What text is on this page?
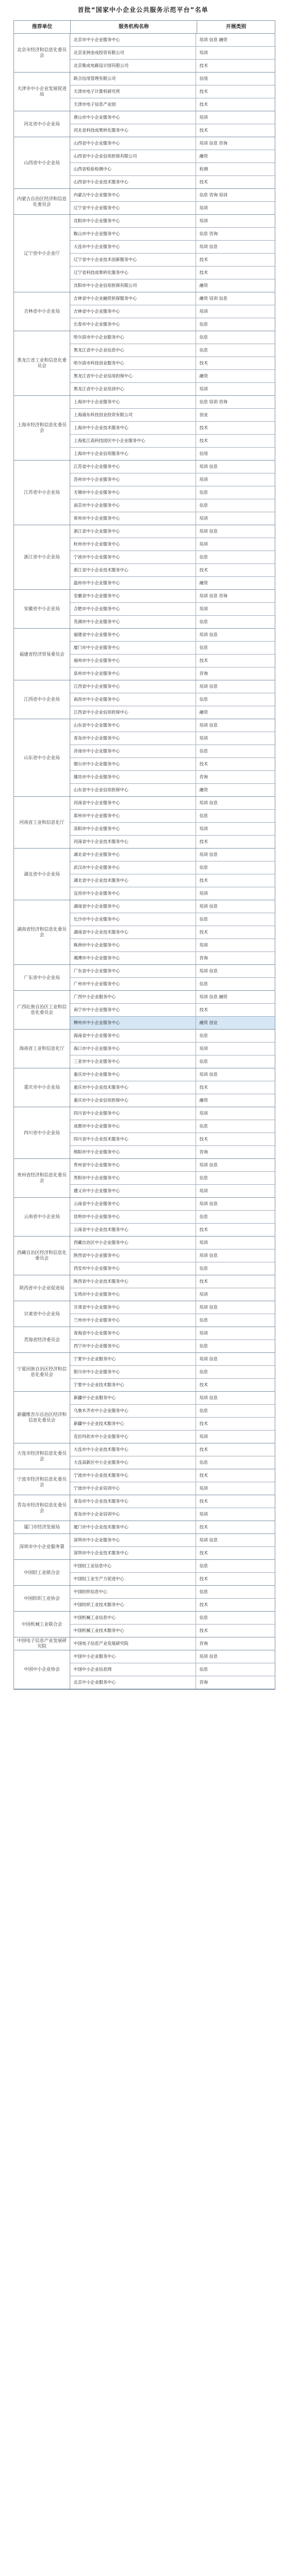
首批“国家中小企业公共服务示范平台”名单
推荐单位	服务机构名称	开展类别
北京市经济和信息化委员会
北京市中小企业服务中心	培训 信息 融资
北京亚洲金成投资有限公司	培训
北京集成电路设计园有限公司	技术
天津市中小企业发展促进局
联合信用管理有限公司	信用
天津市电子计算机研究所	技术
天津市电子信息产业园	技术
河北省中小企业局
唐山市中小企业服务中心	培训
河北省科技成果转化服务中心	技术
山西省中小企业局
山西省中小企业服务中心	培训 信息 咨询
山西省中小企业信用担保有限公司	融资
山西省检验检测中心	检测
山西省中小企业技术服务中心	技术
内蒙古自治区经济和信息化委员会
内蒙古中小企业服务中心	信息 咨询 培训
辽宁省中小企业服务中心	培训
辽宁省中小企业厅
沈阳市中小企业服务中心	培训
鞍山市中小企业服务中心	信息 咨询
大连市中小企业服务中心	培训 信息
辽宁省中小企业技术创新服务中心	技术
辽宁省科技成果转化服务中心	技术
沈阳市中小企业信用担保有限公司	融资
吉林省中小企业局
吉林省中小企业融资担保服务中心	融资 培训 信息
吉林省中小企业服务中心	培训
长春市中小企业服务中心	信息
黑龙江省工业和信息化委员会
哈尔滨市中小企业服务中心	信息
黑龙江省中小企业信息中心	信息
哈尔滨市科技创业服务中心	技术
黑龙江省中小企业信用担保中心	融资
黑龙江省中小企业培训中心	培训
上海市经济和信息化委员会
上海市中小企业服务中心	信息 培训 咨询
上海浦东科技创业投资有限公司	创业
上海市中小企业技术服务中心	技术
上海张江高科技园区中小企业服务中心	技术
上海市中小企业信用服务中心	信用
江苏省中小企业局
江苏省中小企业服务中心	培训 信息
苏州市中小企业服务中心	培训
无锡市中小企业服务中心	信息
南京市中小企业服务中心	信息
常州市中小企业服务中心	培训
浙江省中小企业局
浙江省中小企业服务中心	培训 信息
杭州市中小企业服务中心	培训
宁波市中小企业服务中心	信息
浙江省中小企业技术服务中心	技术
温州市中小企业服务中心	融资
安徽省中小企业局
安徽省中小企业服务中心	培训 信息 咨询
合肥市中小企业服务中心	培训
芜湖市中小企业服务中心	信息
福建省经济贸易委员会
福建省中小企业服务中心	培训 信息
厦门市中小企业服务中心	信息
福州市中小企业服务中心	技术
泉州市中小企业服务中心	咨询
江西省中小企业局
江西省中小企业服务中心	培训 信息
南昌市中小企业服务中心	信息
江西省中小企业信用担保中心	融资
山东省中小企业局
山东省中小企业服务中心	培训 信息
青岛市中小企业服务中心	培训
济南市中小企业服务中心	信息
烟台市中小企业服务中心	技术
潍坊市中小企业服务中心	咨询
山东省中小企业信用担保中心	融资
河南省工业和信息化厅
河南省中小企业服务中心	培训 信息
郑州市中小企业服务中心	信息
洛阳市中小企业服务中心	培训
河南省中小企业技术服务中心	技术
湖北省中小企业局
湖北省中小企业服务中心	培训 信息
武汉市中小企业服务中心	信息
湖北省中小企业技术服务中心	技术
宜昌市中小企业服务中心	培训
湖南省经济和信息化委员会
湖南省中小企业服务中心	培训 信息
长沙市中小企业服务中心	信息
湖南省中小企业技术服务中心	技术
株洲市中小企业服务中心	培训
湘潭市中小企业服务中心	咨询
广东省中小企业局
广东省中小企业服务中心	培训 信息
广州市中小企业服务中心	信息
广西壮族自治区工业和信息化委员会
广西中小企业服务中心	培训 信息 融资
南宁市中小企业服务中心	技术
柳州市中小企业服务中心	融资 创业
海南省工业和信息化厅
海南省中小企业服务中心	信息
海口市中小企业服务中心	培训
三亚市中小企业服务中心	信息
重庆市中小企业局
重庆市中小企业服务中心	培训 信息
重庆市中小企业技术服务中心	技术
重庆市中小企业信用担保中心	融资
四川省中小企业局
四川省中小企业服务中心	培训
成都市中小企业服务中心	信息
四川省中小企业技术服务中心	技术
绵阳市中小企业服务中心	咨询
贵州省经济和信息化委员会
贵州省中小企业服务中心	培训 信息
贵阳市中小企业服务中心	信息
遵义市中小企业服务中心	培训
云南省中小企业局
云南省中小企业服务中心	培训 信息
昆明市中小企业服务中心	信息
云南省中小企业技术服务中心	技术
西藏自治区经济和信息化委员会
西藏自治区中小企业服务中心	培训
陕西省中小企业服务中心	培训 信息
西安市中小企业服务中心	信息
陕西省中小企业促进局
陕西省中小企业技术服务中心	技术
宝鸡市中小企业服务中心	培训
甘肃省中小企业局
甘肃省中小企业服务中心	培训 信息
兰州市中小企业服务中心	信息
青海省经济委员会
青海省中小企业服务中心	培训
西宁市中小企业服务中心	信息
宁夏回族自治区经济和信息化委员会
宁夏中小企业服务中心	培训 信息
银川市中小企业服务中心	信息
宁夏中小企业技术服务中心	技术
新疆维吾尔自治区经济和信息化委员会
新疆中小企业服务中心	培训 信息
乌鲁木齐市中小企业服务中心	信息
新疆中小企业技术服务中心	技术
克拉玛依市中小企业服务中心	培训
大连市经济和信息化委员会
大连市中小企业技术服务中心	技术
大连高新区中小企业服务中心	信息
宁波市经济和信息化委员会
宁波市中小企业技术服务中心	技术
宁波市中小企业培训中心	培训
青岛市经济和信息化委员会
青岛市中小企业技术服务中心	技术
青岛市中小企业培训中心	培训
厦门市经济发展局	厦门市中小企业技术服务中心	技术
深圳市中小企业服务署
深圳市中小企业服务中心	培训 信息
深圳市中小企业技术服务中心	技术
中国轻工业联合会
中国轻工业信息中心	信息
中国轻工业生产力促进中心	技术
中国纺织工业协会
中国纺织信息中心	信息
中国纺织工业技术服务中心	技术
中国机械工业联合会
中国机械工业信息中心	信息
中国机械工业技术服务中心	技术
中国电子信息产业发展研究院
中国电子信息产业发展研究院	咨询
中国中小企业协会
中国中小企业服务中心	培训 信息
中国中小企业信息网	信息
北京中小企业服务中心	咨询
